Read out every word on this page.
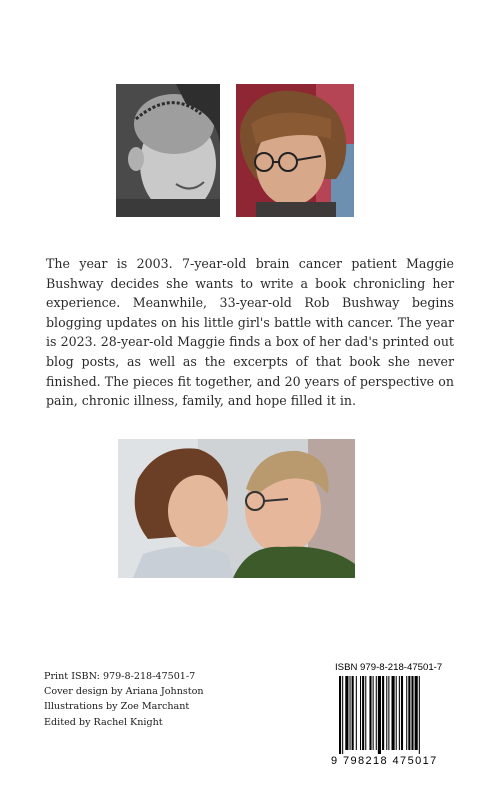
The year is 2003. 7-year-old brain cancer patient Maggie Bushway decides she wants to write a book chronicling her experience. Meanwhile, 33-year-old Rob Bushway begins blogging updates on his little girl's battle with cancer. The year is 2023. 28-year-old Maggie finds a box of her dad's printed out blog posts, as well as the excerpts of that book she never finished. The pieces fit together, and 20 years of perspective on pain, chronic illness, family, and hope filled it in.

Print ISBN: 979-8-218-47501-7
Cover design by Ariana Johnston
Illustrations by Zoe Marchant
Edited by Rachel Knight
ISBN 979-8-218-47501-7
9 798218 475017
